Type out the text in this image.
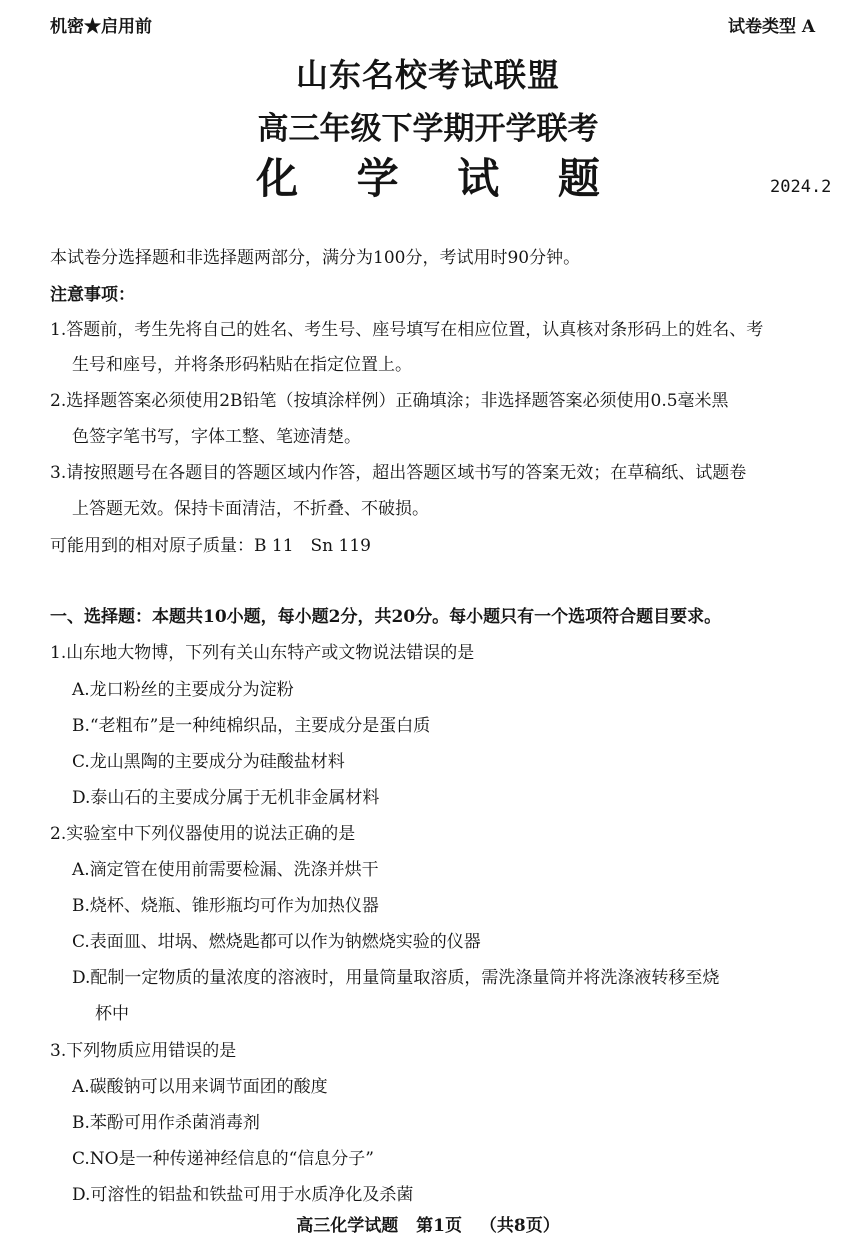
机密★启用前	试卷类型 A
山东名校考试联盟
高三年级下学期开学联考
化 学 试 题	2024.2
本试卷分选择题和非选择题两部分，满分为100分，考试用时90分钟。
注意事项：
1.答题前，考生先将自己的姓名、考生号、座号填写在相应位置，认真核对条形码上的姓名、考
生号和座号，并将条形码粘贴在指定位置上。
2.选择题答案必须使用2B铅笔（按填涂样例）正确填涂；非选择题答案必须使用0.5毫米黑
色签字笔书写，字体工整、笔迹清楚。
3.请按照题号在各题目的答题区域内作答，超出答题区域书写的答案无效；在草稿纸、试题卷
上答题无效。保持卡面清洁，不折叠、不破损。
可能用到的相对原子质量：B 11　Sn 119
一、选择题：本题共10小题，每小题2分，共20分。每小题只有一个选项符合题目要求。
1.山东地大物博，下列有关山东特产或文物说法错误的是
A.龙口粉丝的主要成分为淀粉
B.“老粗布”是一种纯棉织品，主要成分是蛋白质
C.龙山黑陶的主要成分为硅酸盐材料
D.泰山石的主要成分属于无机非金属材料
2.实验室中下列仪器使用的说法正确的是
A.滴定管在使用前需要检漏、洗涤并烘干
B.烧杯、烧瓶、锥形瓶均可作为加热仪器
C.表面皿、坩埚、燃烧匙都可以作为钠燃烧实验的仪器
D.配制一定物质的量浓度的溶液时，用量筒量取溶质，需洗涤量筒并将洗涤液转移至烧
杯中
3.下列物质应用错误的是
A.碳酸钠可以用来调节面团的酸度
B.苯酚可用作杀菌消毒剂
C.NO是一种传递神经信息的“信息分子”
D.可溶性的铝盐和铁盐可用于水质净化及杀菌
高三化学试题 第1页 （共8页）
